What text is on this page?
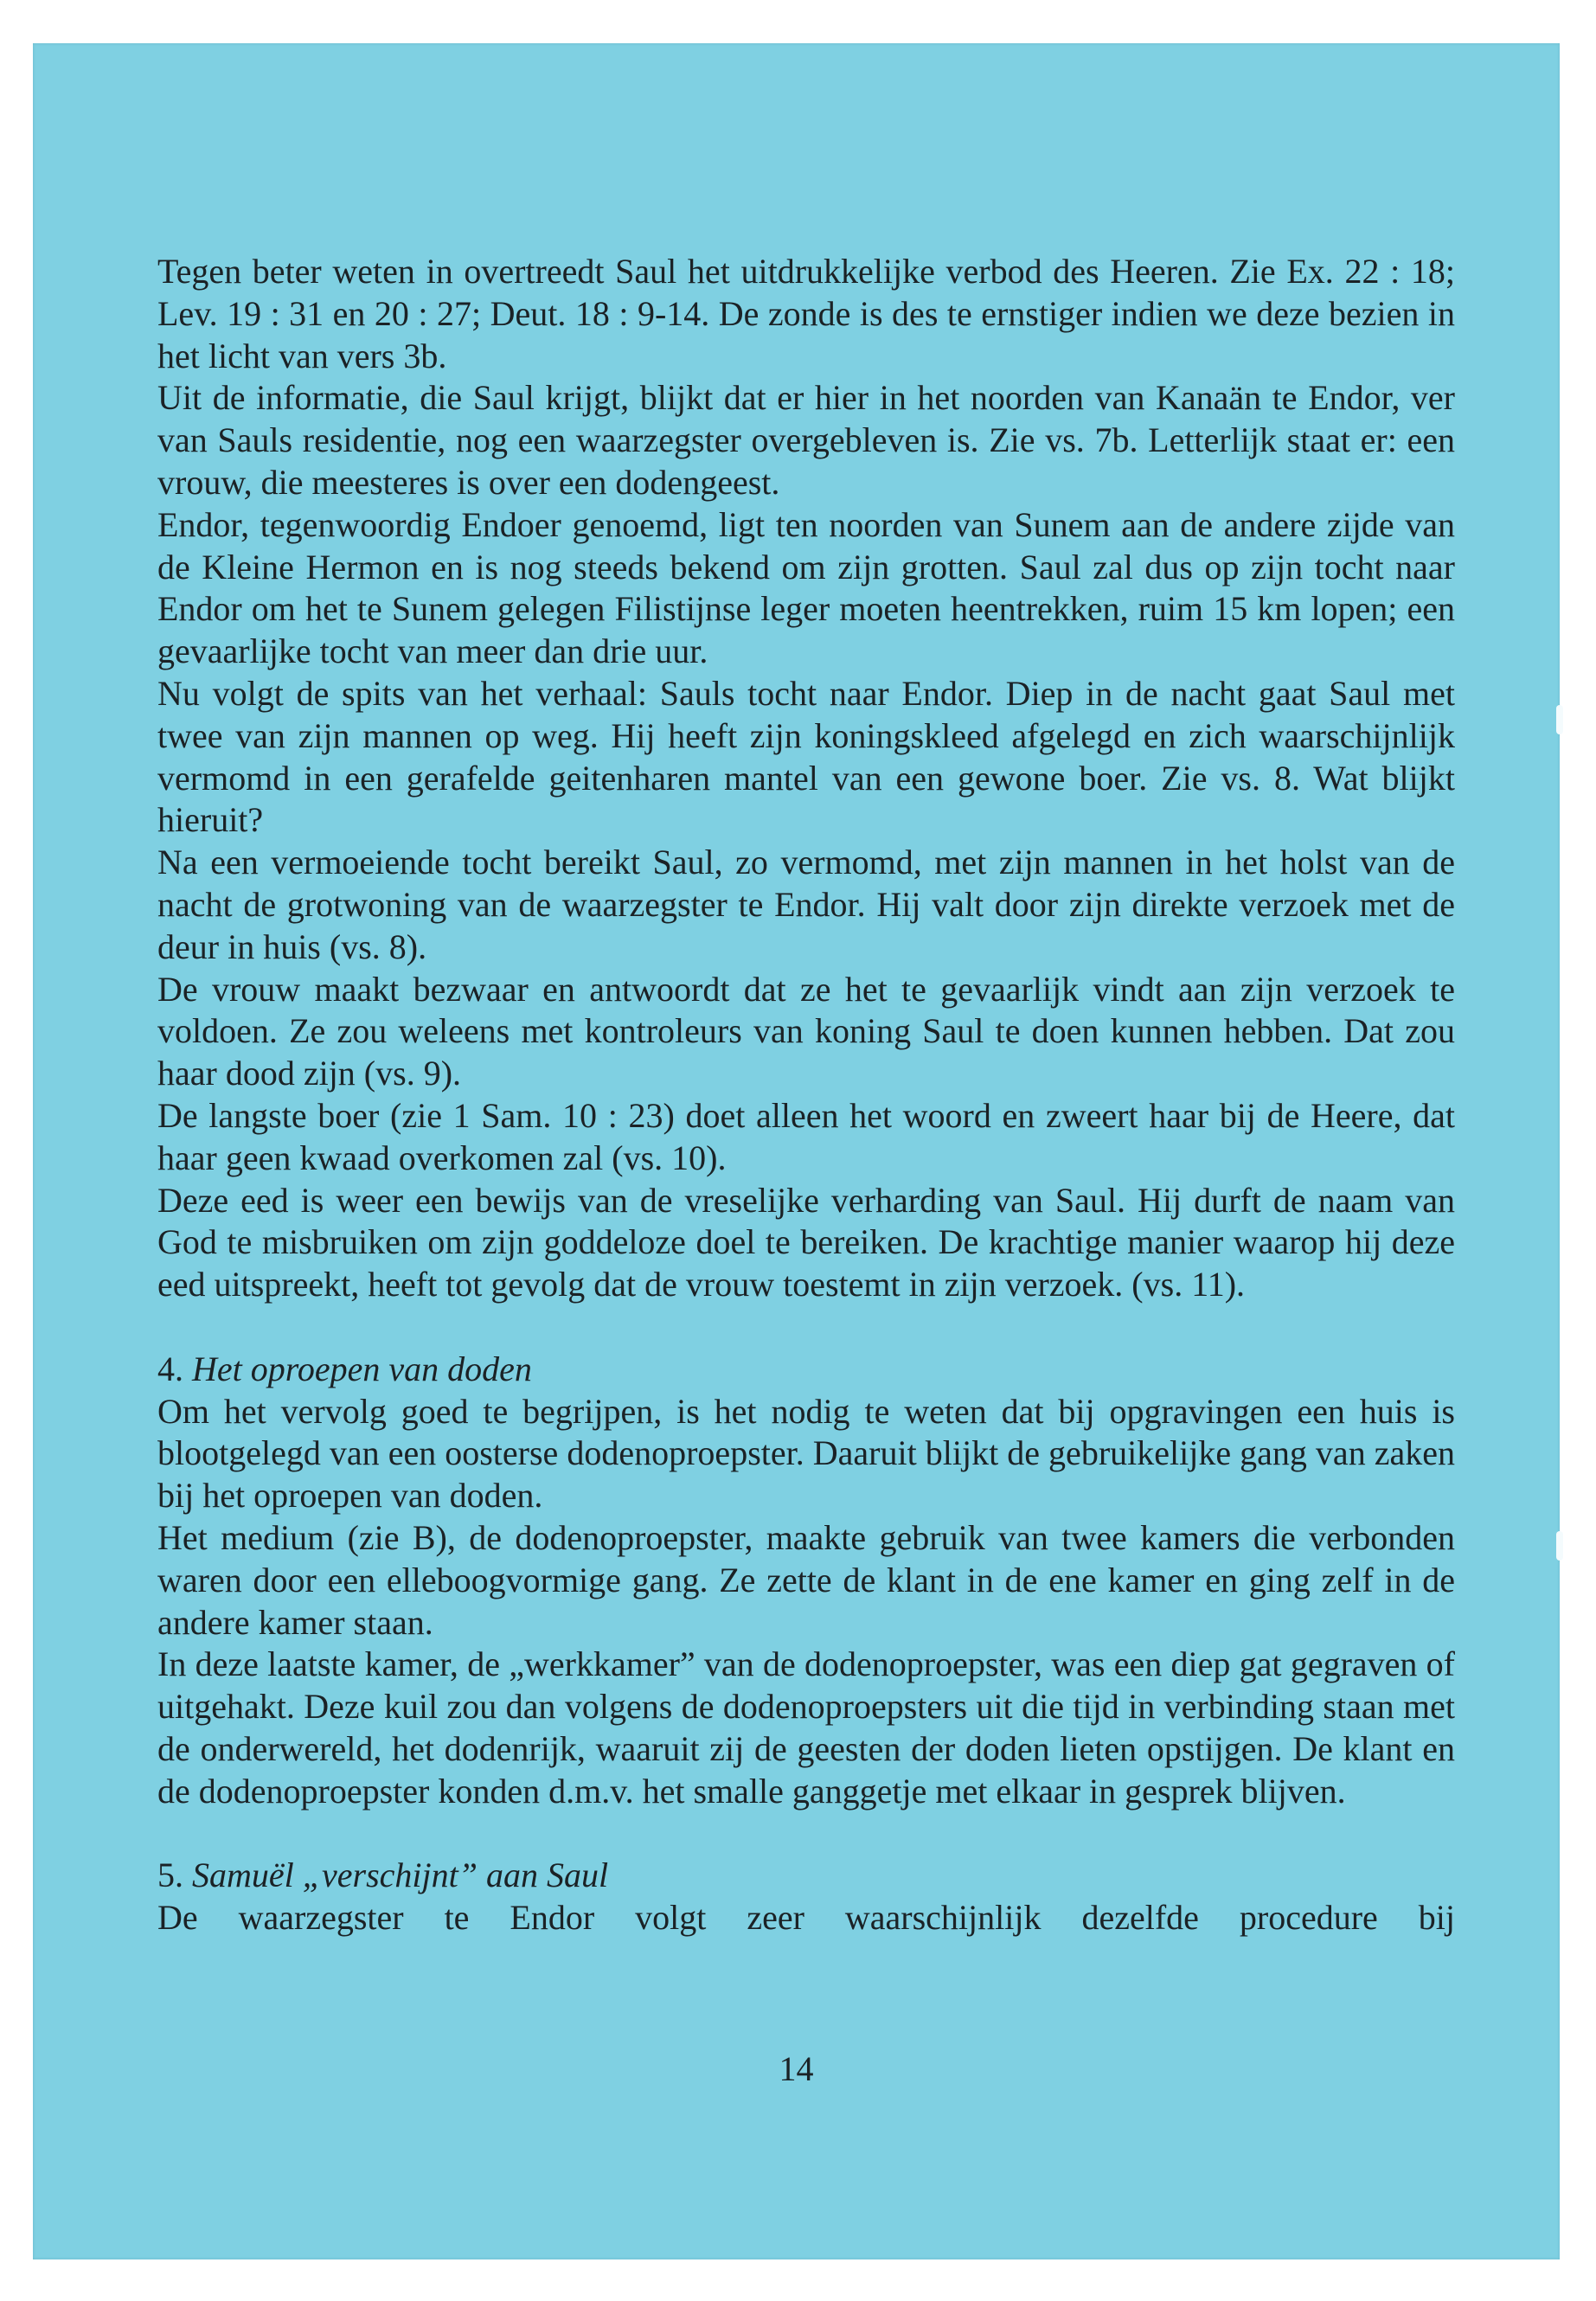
Tegen beter weten in overtreedt Saul het uitdrukkelijke verbod des Heeren. Zie Ex. 22 : 18; Lev. 19 : 31 en 20 : 27; Deut. 18 : 9-14. De zonde is des te ernstiger indien we deze bezien in het licht van vers 3b.

Uit de informatie, die Saul krijgt, blijkt dat er hier in het noorden van Kanaän te Endor, ver van Sauls residentie, nog een waarzegster overgebleven is. Zie vs. 7b. Letterlijk staat er: een vrouw, die meesteres is over een dodengeest.

Endor, tegenwoordig Endoer genoemd, ligt ten noorden van Sunem aan de andere zijde van de Kleine Hermon en is nog steeds bekend om zijn grotten. Saul zal dus op zijn tocht naar Endor om het te Sunem gelegen Filistijnse leger moeten heentrekken, ruim 15 km lopen; een gevaarlijke tocht van meer dan drie uur.

Nu volgt de spits van het verhaal: Sauls tocht naar Endor. Diep in de nacht gaat Saul met twee van zijn mannen op weg. Hij heeft zijn koningskleed afgelegd en zich waarschijnlijk vermomd in een gerafelde geitenharen mantel van een gewone boer. Zie vs. 8. Wat blijkt hieruit?

Na een vermoeiende tocht bereikt Saul, zo vermomd, met zijn mannen in het holst van de nacht de grotwoning van de waarzegster te Endor. Hij valt door zijn direkte verzoek met de deur in huis (vs. 8).

De vrouw maakt bezwaar en antwoordt dat ze het te gevaarlijk vindt aan zijn verzoek te voldoen. Ze zou weleens met kontroleurs van koning Saul te doen kunnen hebben. Dat zou haar dood zijn (vs. 9).

De langste boer (zie 1 Sam. 10 : 23) doet alleen het woord en zweert haar bij de Heere, dat haar geen kwaad overkomen zal (vs. 10).

Deze eed is weer een bewijs van de vreselijke verharding van Saul. Hij durft de naam van God te misbruiken om zijn goddeloze doel te bereiken. De krachtige manier waarop hij deze eed uitspreekt, heeft tot gevolg dat de vrouw toestemt in zijn verzoek. (vs. 11).

4. Het oproepen van doden

Om het vervolg goed te begrijpen, is het nodig te weten dat bij opgravingen een huis is blootgelegd van een oosterse dodenoproepster. Daaruit blijkt de gebruikelijke gang van zaken bij het oproepen van doden.

Het medium (zie B), de dodenoproepster, maakte gebruik van twee kamers die verbonden waren door een elleboogvormige gang. Ze zette de klant in de ene kamer en ging zelf in de andere kamer staan.

In deze laatste kamer, de „werkkamer” van de dodenoproepster, was een diep gat gegraven of uitgehakt. Deze kuil zou dan volgens de dodenoproepsters uit die tijd in verbinding staan met de onderwereld, het dodenrijk, waaruit zij de geesten der doden lieten opstijgen. De klant en de dodenoproepster konden d.m.v. het smalle ganggetje met elkaar in gesprek blijven.

5. Samuël „verschijnt” aan Saul

De waarzegster te Endor volgt zeer waarschijnlijk dezelfde procedure bij

14
